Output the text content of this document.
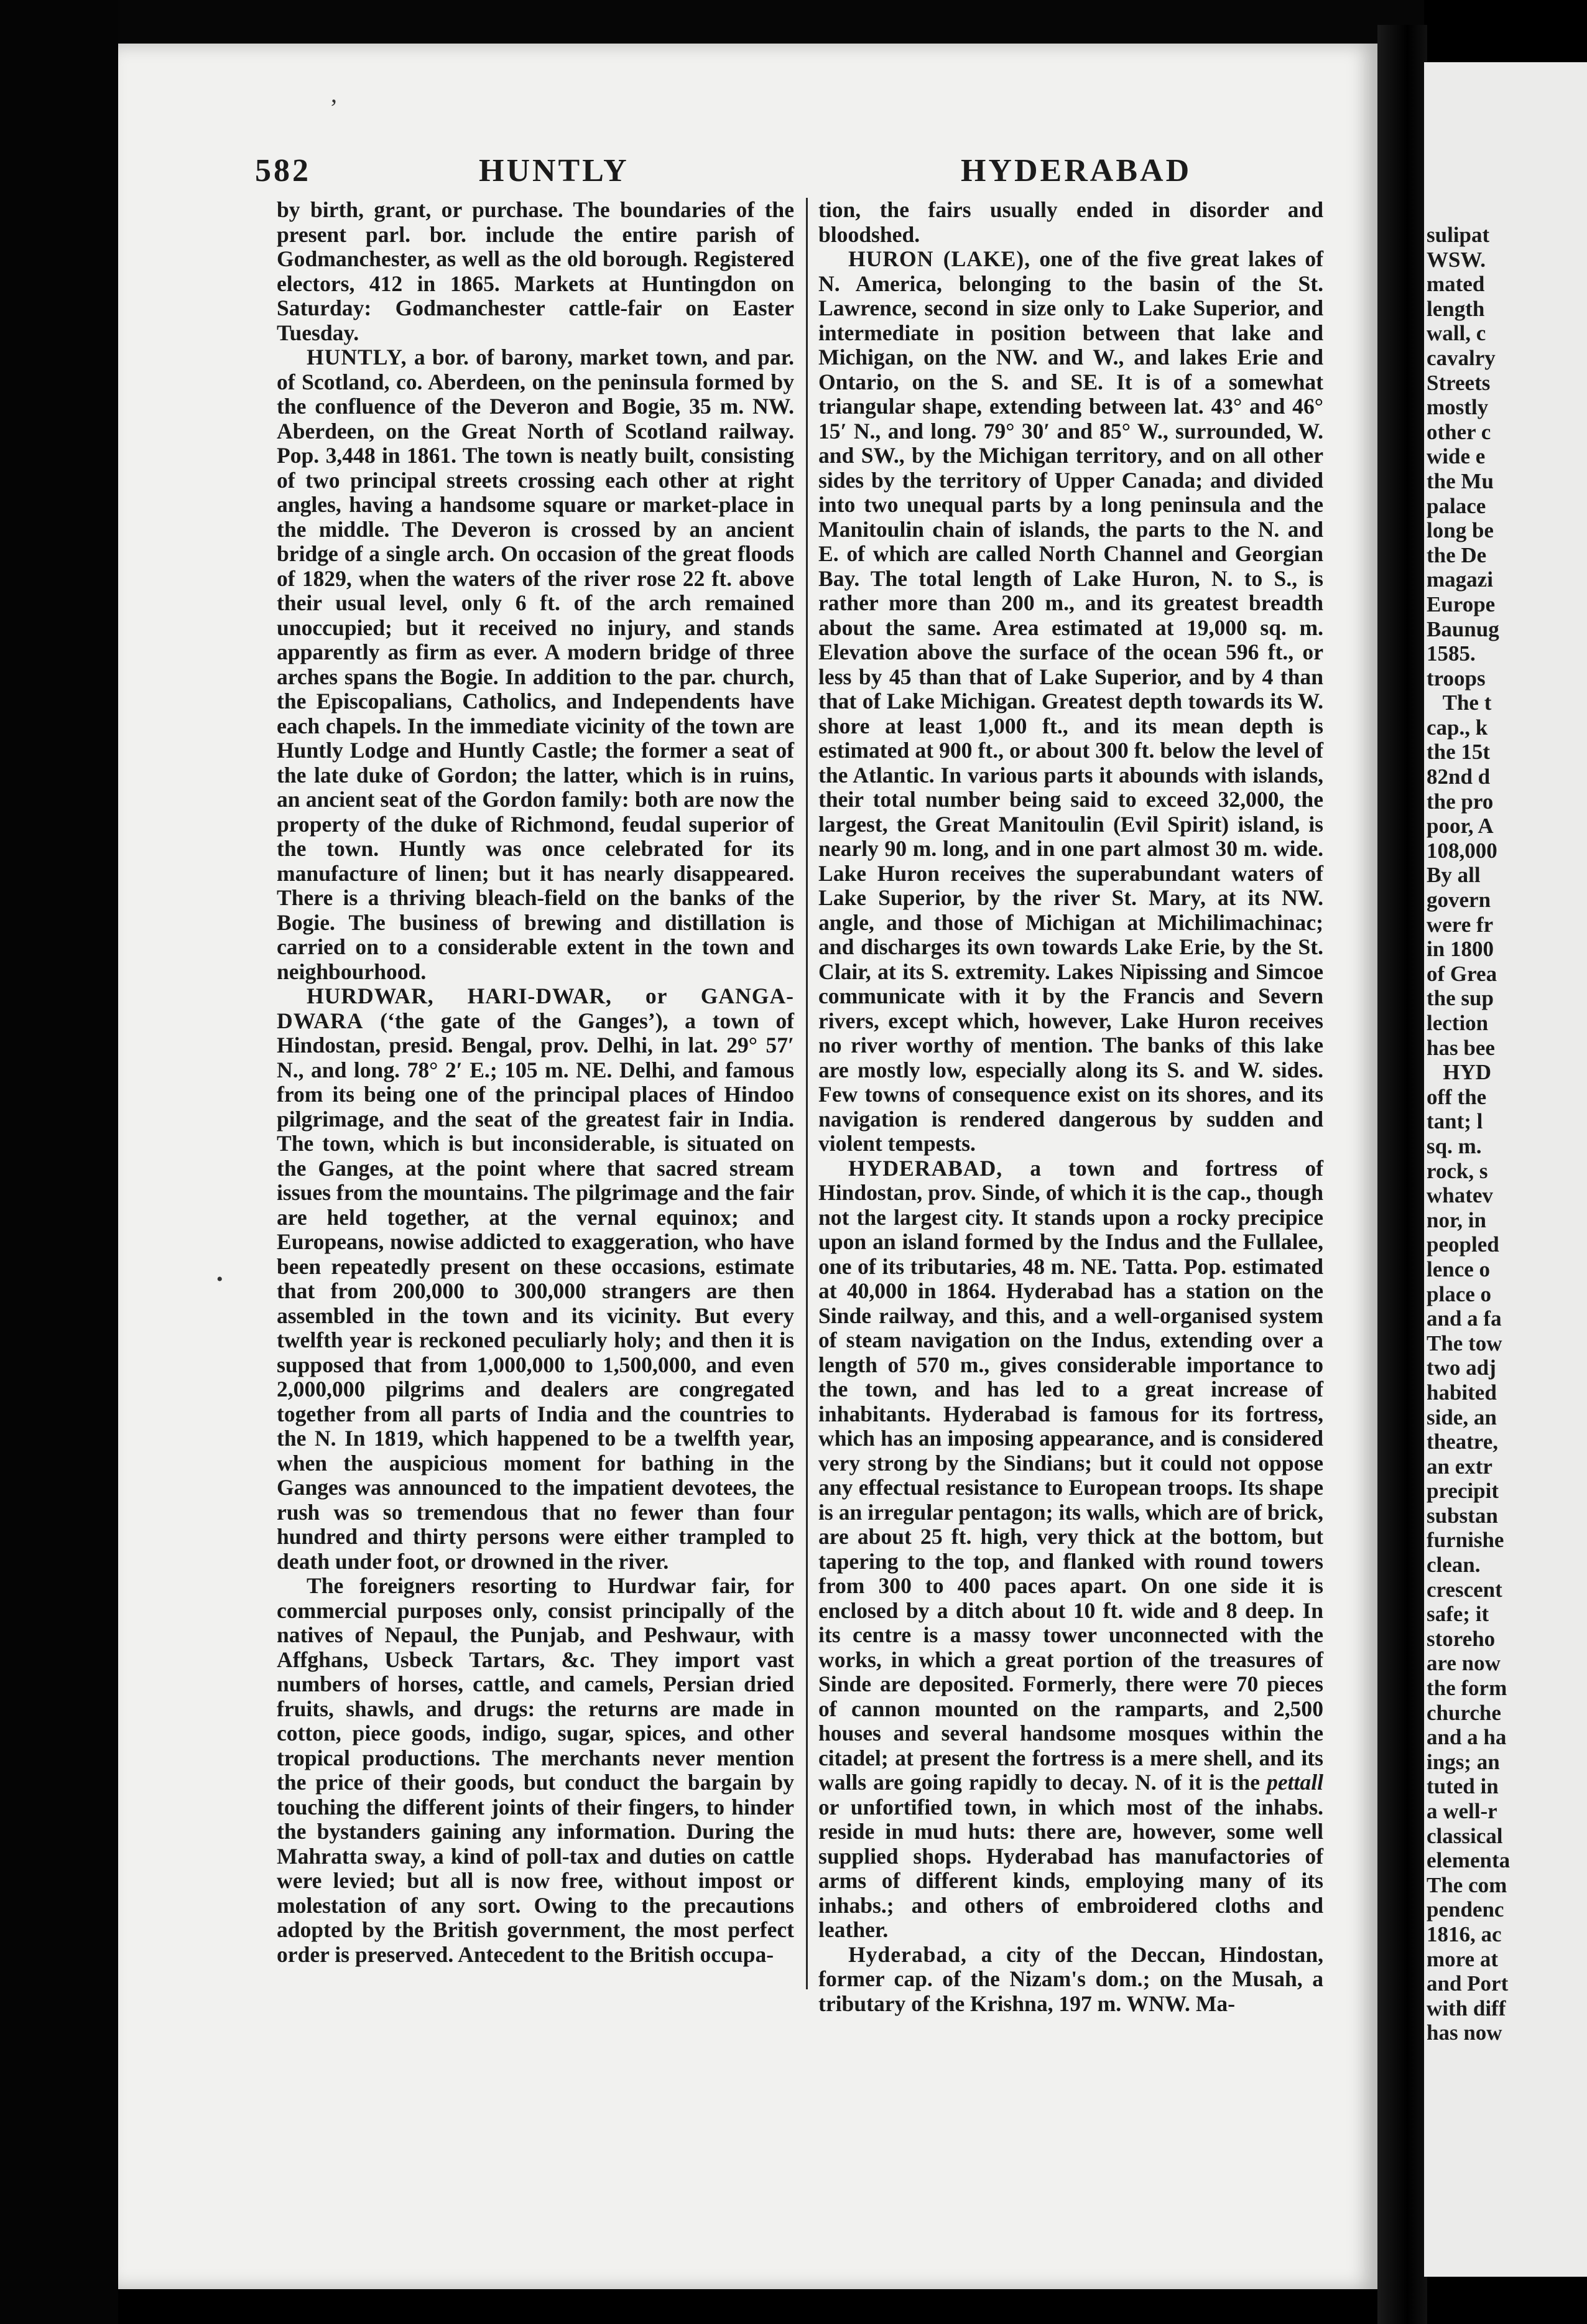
ʼ
•
582	HUNTLY	HYDERABAD

by birth, grant, or purchase. The boundaries of the present parl. bor. include the entire parish of Godmanchester, as well as the old borough. Registered electors, 412 in 1865. Markets at Huntingdon on Saturday: Godmanchester cattle-fair on Easter Tuesday.

HUNTLY, a bor. of barony, market town, and par. of Scotland, co. Aberdeen, on the peninsula formed by the confluence of the Deveron and Bogie, 35 m. NW. Aberdeen, on the Great North of Scotland railway. Pop. 3,448 in 1861. The town is neatly built, consisting of two principal streets crossing each other at right angles, having a handsome square or market-place in the middle. The Deveron is crossed by an ancient bridge of a single arch. On occasion of the great floods of 1829, when the waters of the river rose 22 ft. above their usual level, only 6 ft. of the arch remained unoccupied; but it received no injury, and stands apparently as firm as ever. A modern bridge of three arches spans the Bogie. In addition to the par. church, the Episcopalians, Catholics, and Independents have each chapels. In the immediate vicinity of the town are Huntly Lodge and Huntly Castle; the former a seat of the late duke of Gordon; the latter, which is in ruins, an ancient seat of the Gordon family: both are now the property of the duke of Richmond, feudal superior of the town. Huntly was once celebrated for its manufacture of linen; but it has nearly disappeared. There is a thriving bleach-field on the banks of the Bogie. The business of brewing and distillation is carried on to a considerable extent in the town and neighbourhood.

HURDWAR, HARI-DWAR, or GANGA-DWARA (‘the gate of the Ganges’), a town of Hindostan, presid. Bengal, prov. Delhi, in lat. 29° 57′ N., and long. 78° 2′ E.; 105 m. NE. Delhi, and famous from its being one of the principal places of Hindoo pilgrimage, and the seat of the greatest fair in India. The town, which is but inconsiderable, is situated on the Ganges, at the point where that sacred stream issues from the mountains. The pilgrimage and the fair are held together, at the vernal equinox; and Europeans, nowise addicted to exaggeration, who have been repeatedly present on these occasions, estimate that from 200,000 to 300,000 strangers are then assembled in the town and its vicinity. But every twelfth year is reckoned peculiarly holy; and then it is supposed that from 1,000,000 to 1,500,000, and even 2,000,000 pilgrims and dealers are congregated together from all parts of India and the countries to the N. In 1819, which happened to be a twelfth year, when the auspicious moment for bathing in the Ganges was announced to the impatient devotees, the rush was so tremendous that no fewer than four hundred and thirty persons were either trampled to death under foot, or drowned in the river.

The foreigners resorting to Hurdwar fair, for commercial purposes only, consist principally of the natives of Nepaul, the Punjab, and Peshwaur, with Affghans, Usbeck Tartars, &c. They import vast numbers of horses, cattle, and camels, Persian dried fruits, shawls, and drugs: the returns are made in cotton, piece goods, indigo, sugar, spices, and other tropical productions. The merchants never mention the price of their goods, but conduct the bargain by touching the different joints of their fingers, to hinder the bystanders gaining any information. During the Mahratta sway, a kind of poll-tax and duties on cattle were levied; but all is now free, without impost or molestation of any sort. Owing to the precautions adopted by the British government, the most perfect order is preserved. Antecedent to the British occupa-

tion, the fairs usually ended in disorder and bloodshed.

HURON (LAKE), one of the five great lakes of N. America, belonging to the basin of the St. Lawrence, second in size only to Lake Superior, and intermediate in position between that lake and Michigan, on the NW. and W., and lakes Erie and Ontario, on the S. and SE. It is of a somewhat triangular shape, extending between lat. 43° and 46° 15′ N., and long. 79° 30′ and 85° W., surrounded, W. and SW., by the Michigan territory, and on all other sides by the territory of Upper Canada; and divided into two unequal parts by a long peninsula and the Manitoulin chain of islands, the parts to the N. and E. of which are called North Channel and Georgian Bay. The total length of Lake Huron, N. to S., is rather more than 200 m., and its greatest breadth about the same. Area estimated at 19,000 sq. m. Elevation above the surface of the ocean 596 ft., or less by 45 than that of Lake Superior, and by 4 than that of Lake Michigan. Greatest depth towards its W. shore at least 1,000 ft., and its mean depth is estimated at 900 ft., or about 300 ft. below the level of the Atlantic. In various parts it abounds with islands, their total number being said to exceed 32,000, the largest, the Great Manitoulin (Evil Spirit) island, is nearly 90 m. long, and in one part almost 30 m. wide. Lake Huron receives the superabundant waters of Lake Superior, by the river St. Mary, at its NW. angle, and those of Michigan at Michilimachinac; and discharges its own towards Lake Erie, by the St. Clair, at its S. extremity. Lakes Nipissing and Simcoe communicate with it by the Francis and Severn rivers, except which, however, Lake Huron receives no river worthy of mention. The banks of this lake are mostly low, especially along its S. and W. sides. Few towns of consequence exist on its shores, and its navigation is rendered dangerous by sudden and violent tempests.

HYDERABAD, a town and fortress of Hindostan, prov. Sinde, of which it is the cap., though not the largest city. It stands upon a rocky precipice upon an island formed by the Indus and the Fullalee, one of its tributaries, 48 m. NE. Tatta. Pop. estimated at 40,000 in 1864. Hyderabad has a station on the Sinde railway, and this, and a well-organised system of steam navigation on the Indus, extending over a length of 570 m., gives considerable importance to the town, and has led to a great increase of inhabitants. Hyderabad is famous for its fortress, which has an imposing appearance, and is considered very strong by the Sindians; but it could not oppose any effectual resistance to European troops. Its shape is an irregular pentagon; its walls, which are of brick, are about 25 ft. high, very thick at the bottom, but tapering to the top, and flanked with round towers from 300 to 400 paces apart. On one side it is enclosed by a ditch about 10 ft. wide and 8 deep. In its centre is a massy tower unconnected with the works, in which a great portion of the treasures of Sinde are deposited. Formerly, there were 70 pieces of cannon mounted on the ramparts, and 2,500 houses and several handsome mosques within the citadel; at present the fortress is a mere shell, and its walls are going rapidly to decay. N. of it is the pettall or unfortified town, in which most of the inhabs. reside in mud huts: there are, however, some well supplied shops. Hyderabad has manufactories of arms of different kinds, employing many of its inhabs.; and others of embroidered cloths and leather.

Hyderabad, a city of the Deccan, Hindostan, former cap. of the Nizam's dom.; on the Musah, a tributary of the Krishna, 197 m. WNW. Ma-

sulipat
WSW.
mated
length
wall, c
cavalry
Streets
mostly
other c
wide e
the Mu
palace
long be
the De
magazi
Europe
Baunug
1585.
troops
The t
cap., k
the 15t
82nd d
the pro
poor, A
108,000
By all
govern
were fr
in 1800
of Grea
the sup
lection
has bee
HYD
off the
tant; l
sq. m.
rock, s
whatev
nor, in
peopled
lence o
place o
and a fa
The tow
two adj
habited
side, an
theatre,
an extr
precipit
substan
furnishe
clean.
crescent
safe; it
storeho
are now
the form
churche
and a ha
ings; an
tuted in
a well-r
classical
elementa
The com
pendenc
1816, ac
more at
and Port
with diff
has now
